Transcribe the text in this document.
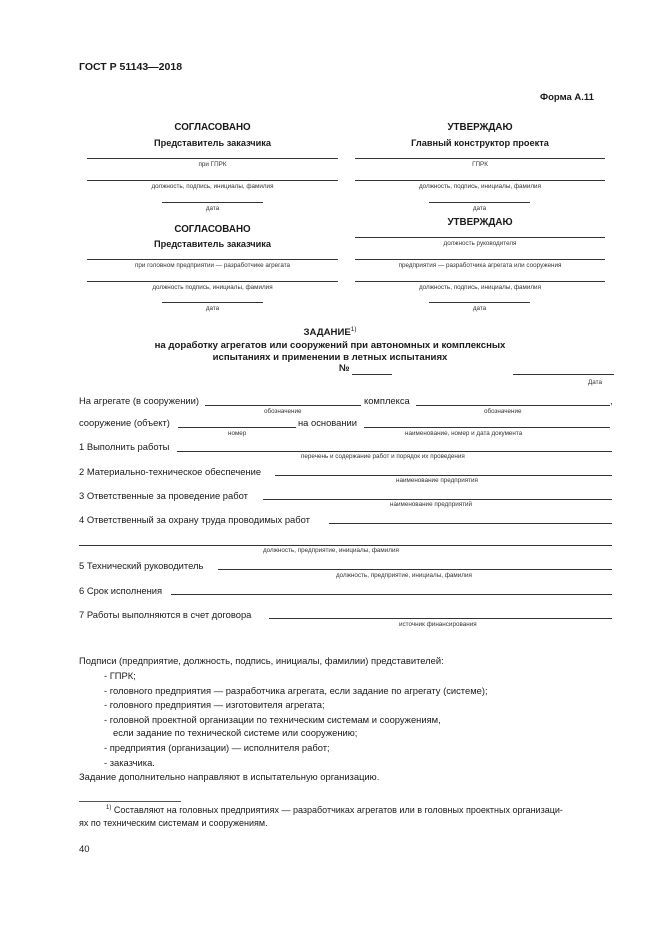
ГОСТ Р 51143—2018
Форма А.11
СОГЛАСОВАНО
Представитель заказчика
при ГПРК
должность, подпись, инициалы, фамилия
дата
УТВЕРЖДАЮ
Главный конструктор проекта
ГПРК
должность, подпись, инициалы, фамилия
дата
СОГЛАСОВАНО
Представитель заказчика
при головном предприятии — разработчике агрегата
должность подпись, инициалы, фамилия
дата
УТВЕРЖДАЮ
должность руководителя
предприятия — разработчика агрегата или сооружения
должность, подпись, инициалы, фамилия
дата
ЗАДАНИЕ$^{1)}$
на доработку агрегатов или сооружений при автономных и комплексных
испытаниях и применении в летных испытаниях
№
Дата
На агрегате (в сооружении)	комплекса	,
обозначение	обозначение
сооружение (объект)	на основании
номер	наименование, номер и дата документа
1 Выполнить работы
перечень и содержание работ и порядок их проведения
2 Материально-техническое обеспечение
наименование предприятия
3 Ответственные за проведение работ
наименование предприятий
4 Ответственный за охрану труда проводимых работ
должность, предприятие, инициалы, фамилия
5 Технический руководитель
должность, предприятие, инициалы, фамилия
6 Срок исполнения
7 Работы выполняются в счет договора
источник финансирования
Подписи (предприятие, должность, подпись, инициалы, фамилии) представителей:
- ГПРК;
- головного предприятия — разработчика агрегата, если задание по агрегату (системе);
- головного предприятия — изготовителя агрегата;
- головной проектной организации по техническим системам и сооружениям,
если задание по технической системе или сооружению;
- предприятия (организации) — исполнителя работ;
- заказчика.
Задание дополнительно направляют в испытательную организацию.
$^{1)}$ Составляют на головных предприятиях — разработчиках агрегатов или в головных проектных организаци-
ях по техническим системам и сооружениям.
40
